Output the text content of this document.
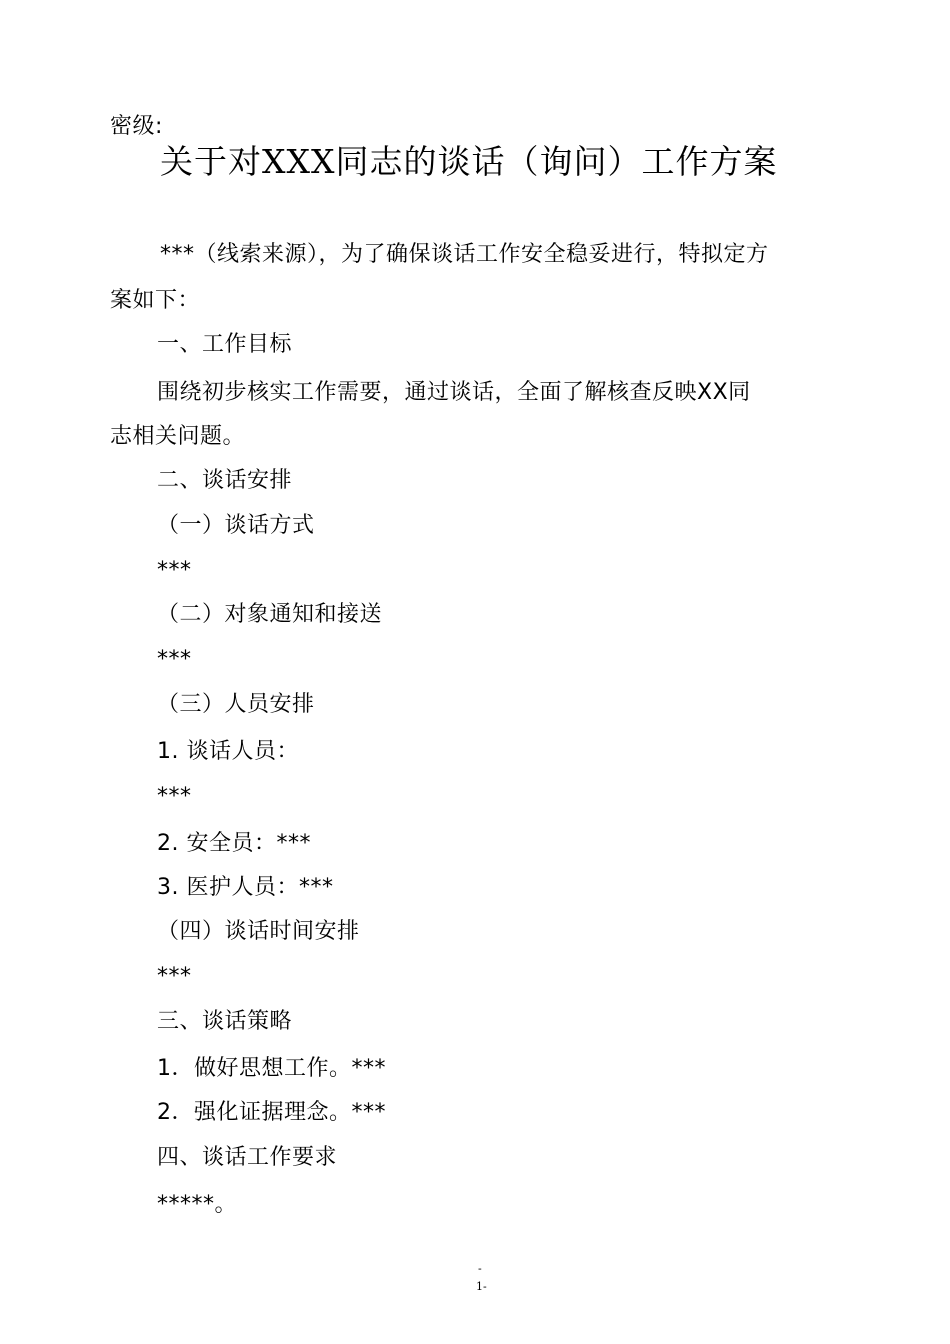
密级:
关于对XXX同志的谈话（询问）工作方案
***（线索来源），为了确保谈话工作安全稳妥进行，特拟定方
案如下：
一、工作目标
围绕初步核实工作需要，通过谈话，全面了解核查反映XX同
志相关问题。
二、谈话安排
（一）谈话方式
***
（二）对象通知和接送
***
（三）人员安排
1. 谈话人员：
***
2. 安全员：***
3. 医护人员：***
（四）谈话时间安排
***
三、谈话策略
1．做好思想工作。***
2．强化证据理念。***
四、谈话工作要求
*****。
-
1-
